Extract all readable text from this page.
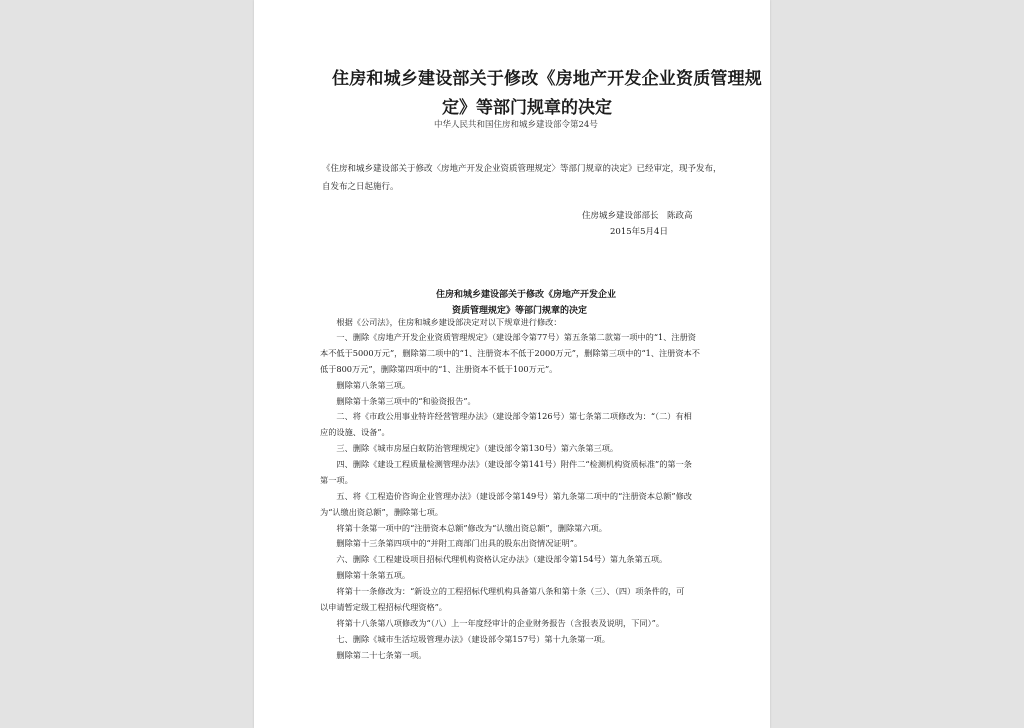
住房和城乡建设部关于修改《房地产开发企业资质管理规
定》等部门规章的决定
中华人民共和国住房和城乡建设部令第24号
《住房和城乡建设部关于修改〈房地产开发企业资质管理规定〉等部门规章的决定》已经审定，现予发布，
自发布之日起施行。
住房城乡建设部部长　陈政高
2015年5月4日
住房和城乡建设部关于修改《房地产开发企业
资质管理规定》等部门规章的决定
　　根据《公司法》，住房和城乡建设部决定对以下规章进行修改：
　　一、删除《房地产开发企业资质管理规定》（建设部令第77号）第五条第二款第一项中的“1、注册资
本不低于5000万元”，删除第二项中的“1、注册资本不低于2000万元”，删除第三项中的“1、注册资本不
低于800万元”，删除第四项中的“1、注册资本不低于100万元”。
　　删除第八条第三项。
　　删除第十条第三项中的“和验资报告”。
　　二、将《市政公用事业特许经营管理办法》（建设部令第126号）第七条第二项修改为：“（二）有相
应的设施、设备”。
　　三、删除《城市房屋白蚁防治管理规定》（建设部令第130号）第六条第三项。
　　四、删除《建设工程质量检测管理办法》（建设部令第141号）附件二“检测机构资质标准”的第一条
第一项。
　　五、将《工程造价咨询企业管理办法》（建设部令第149号）第九条第二项中的“注册资本总额”修改
为“认缴出资总额”，删除第七项。
　　将第十条第一项中的“注册资本总额”修改为“认缴出资总额”，删除第六项。
　　删除第十三条第四项中的“并附工商部门出具的股东出资情况证明”。
　　六、删除《工程建设项目招标代理机构资格认定办法》（建设部令第154号）第九条第五项。
　　删除第十条第五项。
　　将第十一条修改为：“新设立的工程招标代理机构具备第八条和第十条（三）、（四）项条件的，可
以申请暂定级工程招标代理资格”。
　　将第十八条第八项修改为“（八）上一年度经审计的企业财务报告（含报表及说明，下同）”。
　　七、删除《城市生活垃圾管理办法》（建设部令第157号）第十九条第一项。
　　删除第二十七条第一项。
